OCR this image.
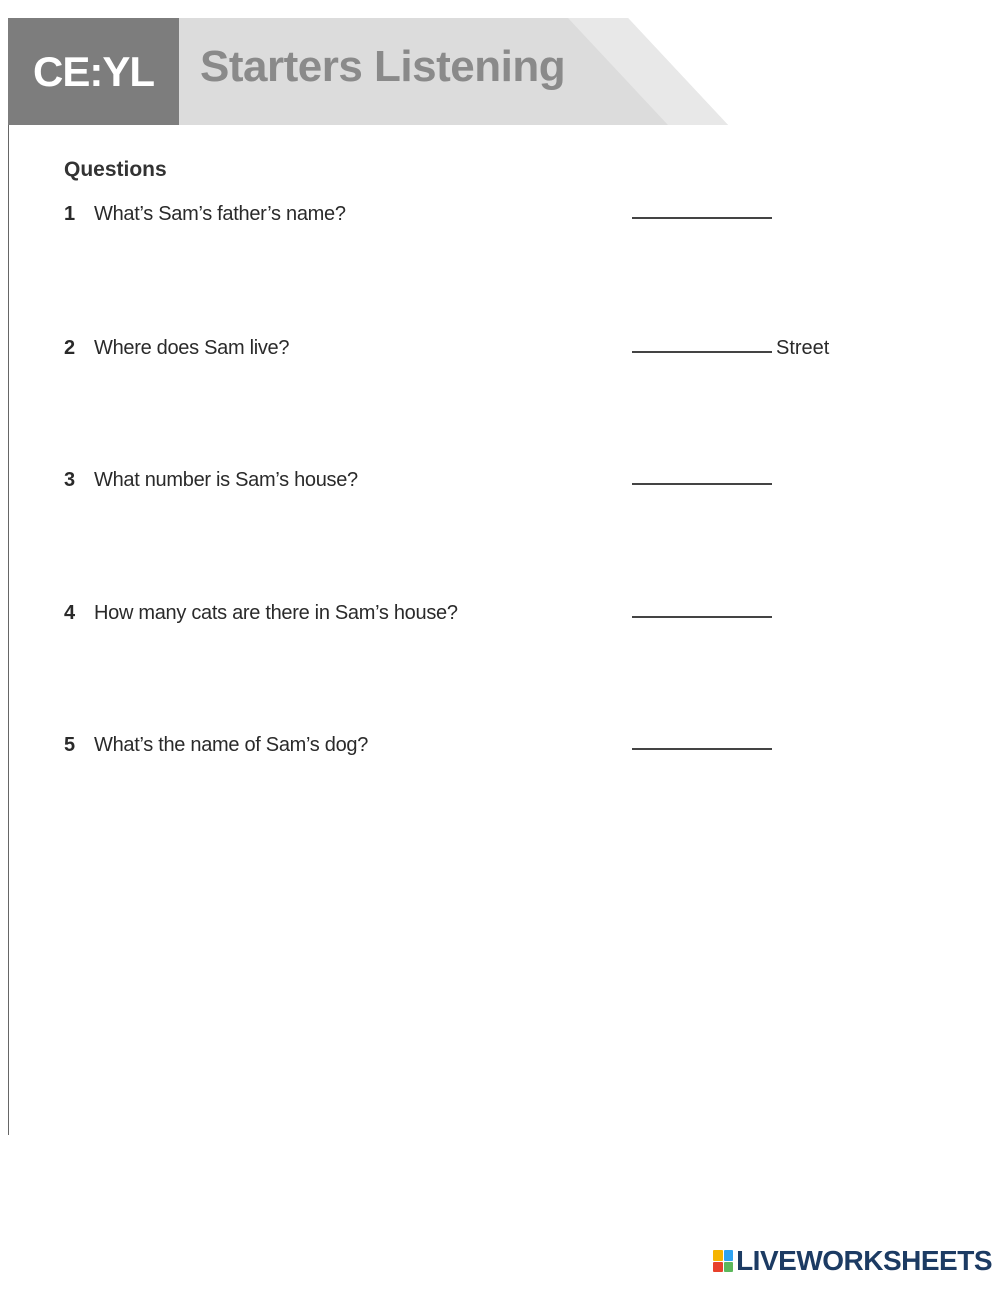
CE:YL Starters Listening
Questions
1 What’s Sam’s father’s name?
2 Where does Sam live?	Street
3 What number is Sam’s house?
4 How many cats are there in Sam’s house?
5 What’s the name of Sam’s dog?
LIVEWORKSHEETS
